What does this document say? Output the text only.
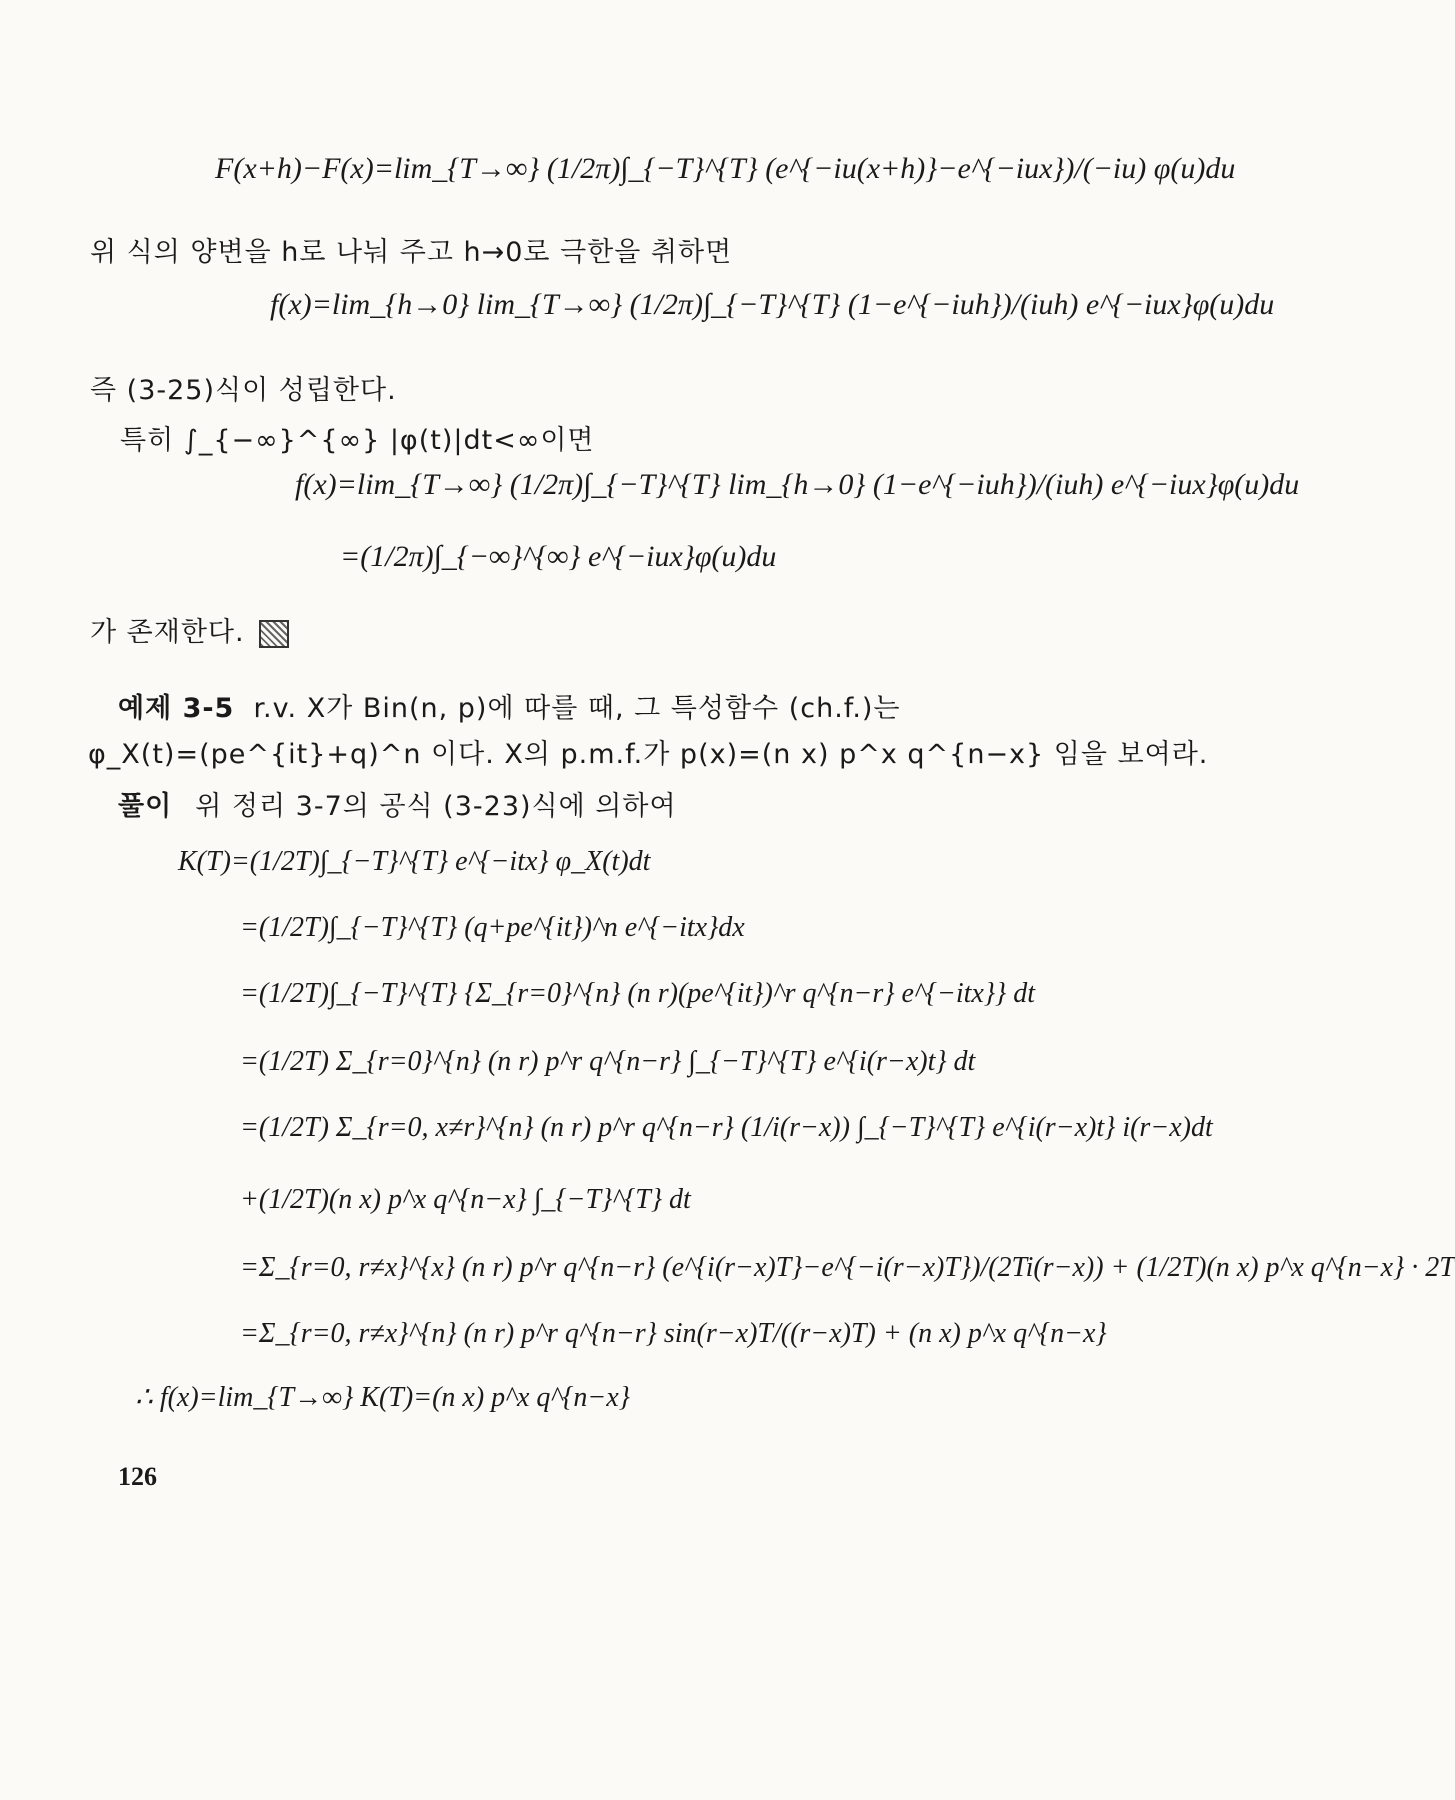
F(x+h)−F(x)=lim_{T→∞} (1/2π)∫_{−T}^{T} (e^{−iu(x+h)}−e^{−iux})/(−iu) φ(u)du
위 식의 양변을 h로 나눠 주고 h→0로 극한을 취하면
f(x)=lim_{h→0} lim_{T→∞} (1/2π)∫_{−T}^{T} (1−e^{−iuh})/(iuh) e^{−iux}φ(u)du
즉 (3-25)식이 성립한다.
특히 ∫_{−∞}^{∞} |φ(t)|dt<∞이면
f(x)=lim_{T→∞} (1/2π)∫_{−T}^{T} lim_{h→0} (1−e^{−iuh})/(iuh) e^{−iux}φ(u)du
=(1/2π)∫_{−∞}^{∞} e^{−iux}φ(u)du
가 존재한다.
예제 3-5 r.v. X가 Bin(n, p)에 따를 때, 그 특성함수 (ch.f.)는
φ_X(t)=(pe^{it}+q)^n 이다. X의 p.m.f.가 p(x)=(n x) p^x q^{n−x} 임을 보여라.
풀이 위 정리 3-7의 공식 (3-23)식에 의하여
K(T)=(1/2T)∫_{−T}^{T} e^{−itx} φ_X(t)dt
=(1/2T)∫_{−T}^{T} (q+pe^{it})^n e^{−itx}dx
=(1/2T)∫_{−T}^{T} {Σ_{r=0}^{n} (n r)(pe^{it})^r q^{n−r} e^{−itx}} dt
=(1/2T) Σ_{r=0}^{n} (n r) p^r q^{n−r} ∫_{−T}^{T} e^{i(r−x)t} dt
=(1/2T) Σ_{r=0, x≠r}^{n} (n r) p^r q^{n−r} (1/i(r−x)) ∫_{−T}^{T} e^{i(r−x)t} i(r−x)dt
+(1/2T)(n x) p^x q^{n−x} ∫_{−T}^{T} dt
=Σ_{r=0, r≠x}^{x} (n r) p^r q^{n−r} (e^{i(r−x)T}−e^{−i(r−x)T})/(2Ti(r−x)) + (1/2T)(n x) p^x q^{n−x} · 2T
=Σ_{r=0, r≠x}^{n} (n r) p^r q^{n−r} sin(r−x)T/((r−x)T) + (n x) p^x q^{n−x}
∴ f(x)=lim_{T→∞} K(T)=(n x) p^x q^{n−x}
126
